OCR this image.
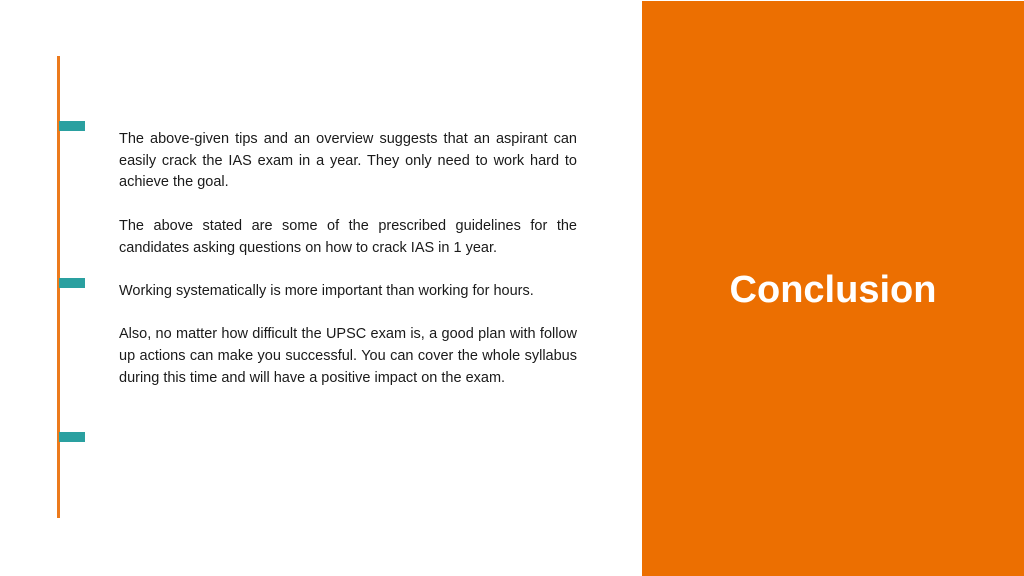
The above-given tips and an overview suggests that an aspirant can easily crack the IAS exam in a year. They only need to work hard to achieve the goal.

The above stated are some of the prescribed guidelines for the candidates asking questions on how to crack IAS in 1 year.

Working systematically is more important than working for hours.

Also, no matter how difficult the UPSC exam is, a good plan with follow up actions can make you successful. You can cover the whole syllabus during this time and will have a positive impact on the exam.

Conclusion
